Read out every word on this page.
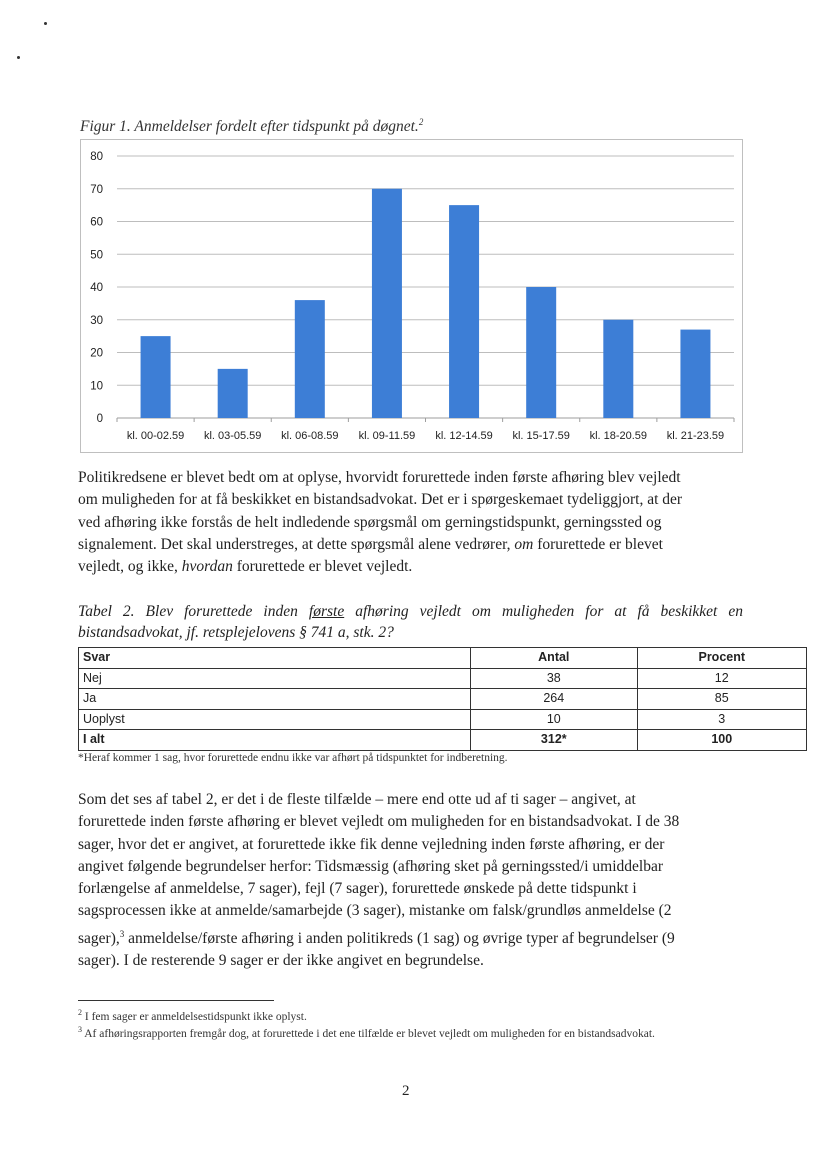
Figur 1. Anmeldelser fordelt efter tidspunkt på døgnet.$^2$
0
10
20
30
40
50
60
70
80
kl. 00-02.59 kl. 03-05.59 kl. 06-08.59 kl. 09-11.59 kl. 12-14.59 kl. 15-17.59 kl. 18-20.59 kl. 21-23.59
Politikredsene er blevet bedt om at oplyse, hvorvidt forurettede inden første afhøring blev vejledt
om muligheden for at få beskikket en bistandsadvokat. Det er i spørgeskemaet tydeliggjort, at der
ved afhøring ikke forstås de helt indledende spørgsmål om gerningstidspunkt, gerningssted og
signalement. Det skal understreges, at dette spørgsmål alene vedrører, om forurettede er blevet
vejledt, og ikke, hvordan forurettede er blevet vejledt.
Tabel 2. Blev forurettede inden første afhøring vejledt om muligheden for at få beskikket en bistandsadvokat, jf. retsplejelovens § 741 a, stk. 2?
Svar	Antal	Procent
Nej	38	12
Ja	264	85
Uoplyst	10	3
I alt	312*	100
*Heraf kommer 1 sag, hvor forurettede endnu ikke var afhørt på tidspunktet for indberetning.
Som det ses af tabel 2, er det i de fleste tilfælde – mere end otte ud af ti sager – angivet, at
forurettede inden første afhøring er blevet vejledt om muligheden for en bistandsadvokat. I de 38
sager, hvor det er angivet, at forurettede ikke fik denne vejledning inden første afhøring, er der
angivet følgende begrundelser herfor: Tidsmæssig (afhøring sket på gerningssted/i umiddelbar
forlængelse af anmeldelse, 7 sager), fejl (7 sager), forurettede ønskede på dette tidspunkt i
sagsprocessen ikke at anmelde/samarbejde (3 sager), mistanke om falsk/grundløs anmeldelse (2
sager),$^3$ anmeldelse/første afhøring i anden politikreds (1 sag) og øvrige typer af begrundelser (9
sager). I de resterende 9 sager er der ikke angivet en begrundelse.
$^2$ I fem sager er anmeldelsestidspunkt ikke oplyst.
$^3$ Af afhøringsrapporten fremgår dog, at forurettede i det ene tilfælde er blevet vejledt om muligheden for en bistandsadvokat.
2
